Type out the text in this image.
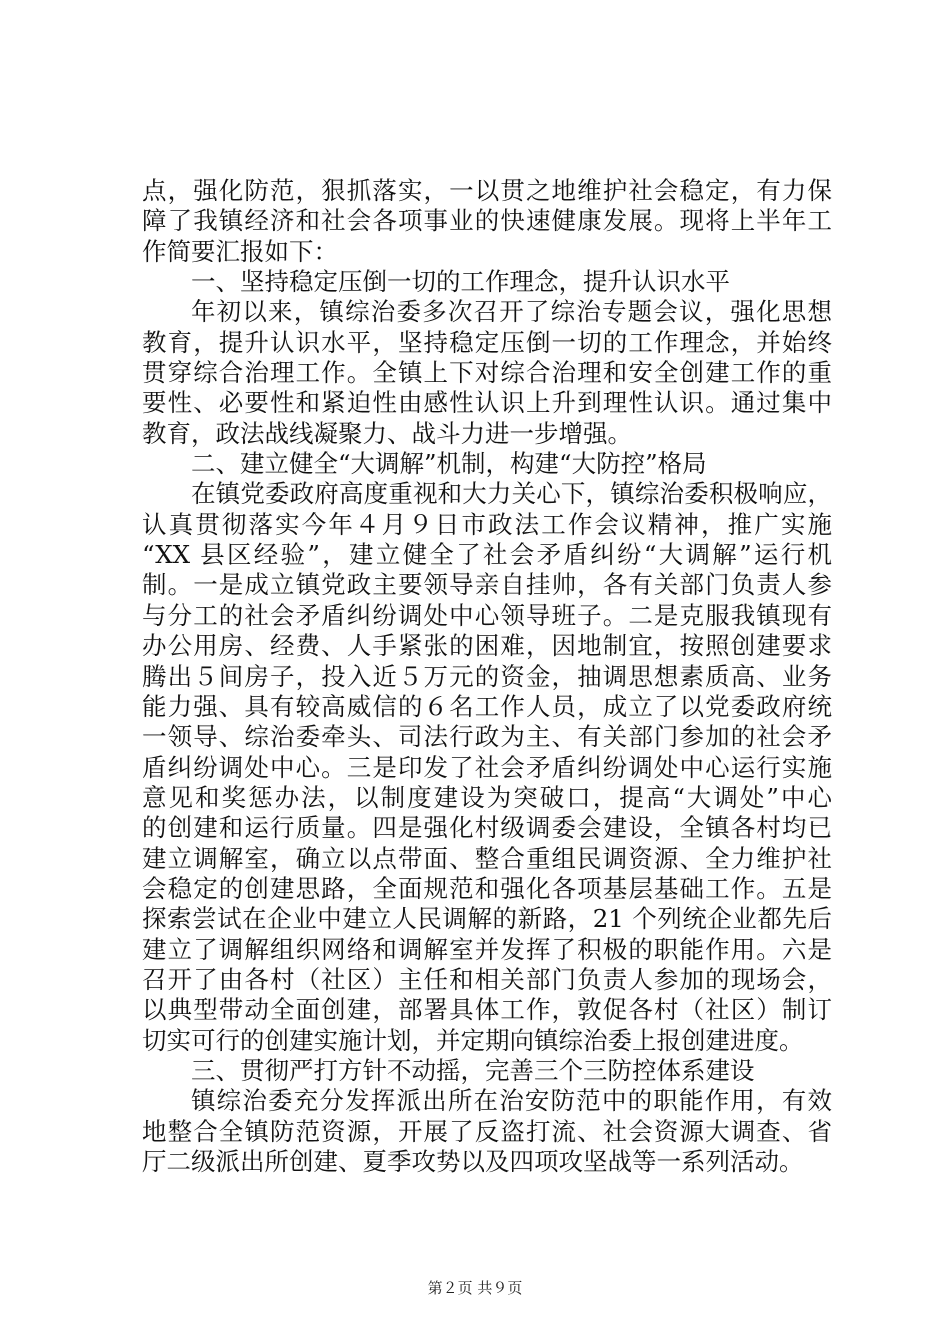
点，强化防范，狠抓落实，一以贯之地维护社会稳定，有力保
障了我镇经济和社会各项事业的快速健康发展。现将上半年工
作简要汇报如下：
一、坚持稳定压倒一切的工作理念，提升认识水平
年初以来，镇综治委多次召开了综治专题会议，强化思想
教育，提升认识水平，坚持稳定压倒一切的工作理念，并始终
贯穿综合治理工作。全镇上下对综合治理和安全创建工作的重
要性、必要性和紧迫性由感性认识上升到理性认识。通过集中
教育，政法战线凝聚力、战斗力进一步增强。
二、建立健全“大调解”机制，构建“大防控”格局
在镇党委政府高度重视和大力关心下，镇综治委积极响应，
认真贯彻落实今年４月９日市政法工作会议精神，推广实施
“XX 县区经验”，建立健全了社会矛盾纠纷“大调解”运行机
制。一是成立镇党政主要领导亲自挂帅，各有关部门负责人参
与分工的社会矛盾纠纷调处中心领导班子。二是克服我镇现有
办公用房、经费、人手紧张的困难，因地制宜，按照创建要求
腾出５间房子，投入近５万元的资金，抽调思想素质高、业务
能力强、具有较高威信的６名工作人员，成立了以党委政府统
一领导、综治委牵头、司法行政为主、有关部门参加的社会矛
盾纠纷调处中心。三是印发了社会矛盾纠纷调处中心运行实施
意见和奖惩办法，以制度建设为突破口，提高“大调处”中心
的创建和运行质量。四是强化村级调委会建设，全镇各村均已
建立调解室，确立以点带面、整合重组民调资源、全力维护社
会稳定的创建思路，全面规范和强化各项基层基础工作。五是
探索尝试在企业中建立人民调解的新路，21 个列统企业都先后
建立了调解组织网络和调解室并发挥了积极的职能作用。六是
召开了由各村（社区）主任和相关部门负责人参加的现场会，
以典型带动全面创建，部署具体工作，敦促各村（社区）制订
切实可行的创建实施计划，并定期向镇综治委上报创建进度。
三、贯彻严打方针不动摇，完善三个三防控体系建设
镇综治委充分发挥派出所在治安防范中的职能作用，有效
地整合全镇防范资源，开展了反盗打流、社会资源大调查、省
厅二级派出所创建、夏季攻势以及四项攻坚战等一系列活动。
第２页 共９页
